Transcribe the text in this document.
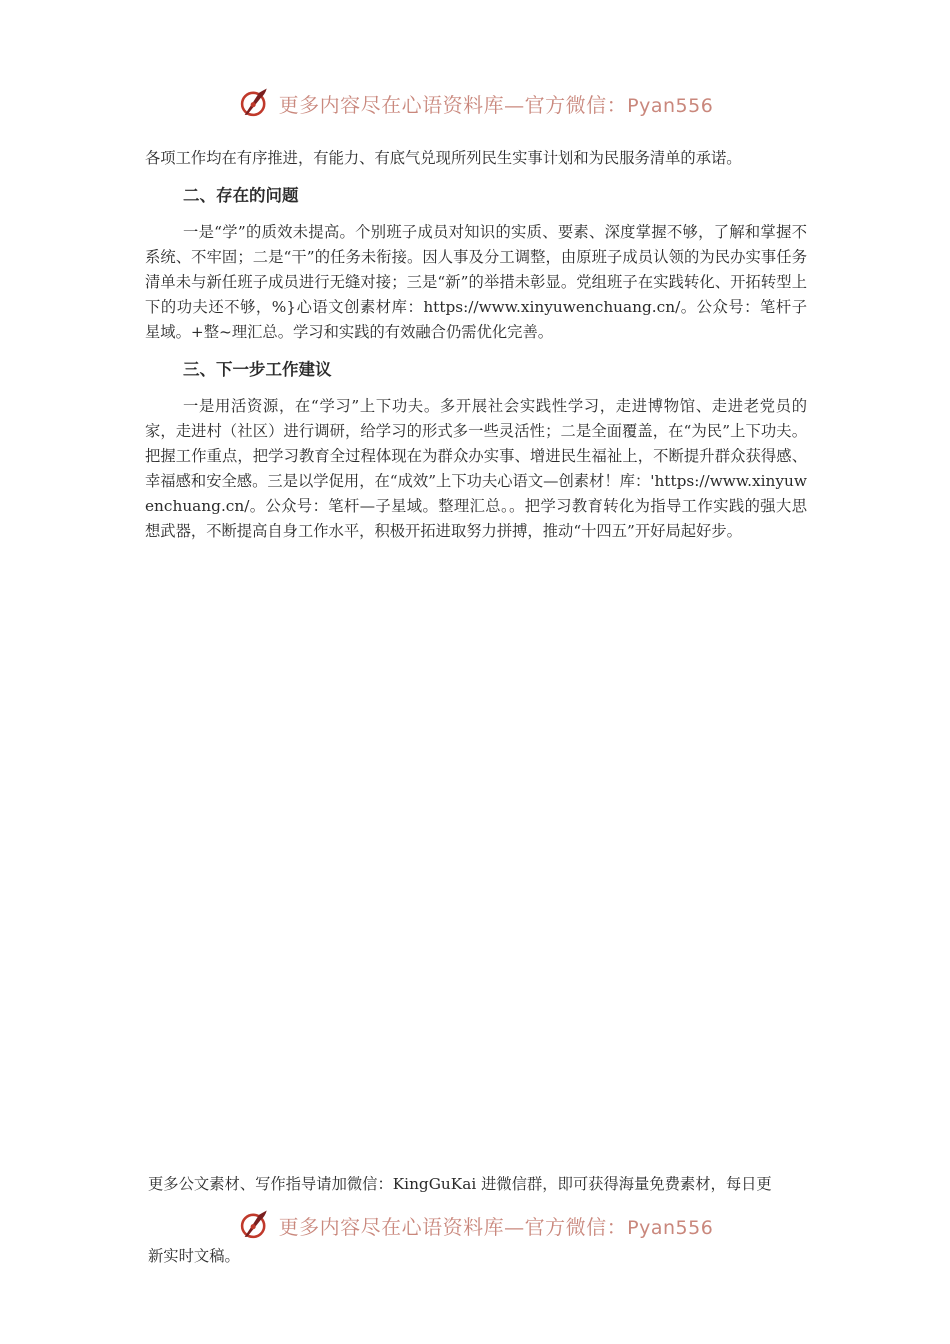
更多内容尽在心语资料库—官方微信：Pyan556

各项工作均在有序推进，有能力、有底气兑现所列民生实事计划和为民服务清单的承诺。

二、存在的问题

一是“学”的质效未提高。个别班子成员对知识的实质、要素、深度掌握不够，了解和掌握不系统、不牢固；二是“干”的任务未衔接。因人事及分工调整，由原班子成员认领的为民办实事任务清单未与新任班子成员进行无缝对接；三是“新”的举措未彰显。党组班子在实践转化、开拓转型上下的功夫还不够，%}心语文创素材库：https://www.xinyuwenchuang.cn/。公众号：笔杆子星域。+整~理汇总。学习和实践的有效融合仍需优化完善。

三、下一步工作建议

一是用活资源，在“学习”上下功夫。多开展社会实践性学习，走进博物馆、走进老党员的家，走进村（社区）进行调研，给学习的形式多一些灵活性；二是全面覆盖，在“为民”上下功夫。把握工作重点，把学习教育全过程体现在为群众办实事、增进民生福祉上，不断提升群众获得感、幸福感和安全感。三是以学促用，在“成效”上下功夫心语文—创素材！库：'https://www.xinyuwenchuang.cn/。公众号：笔杆—子星域。整理汇总。。把学习教育转化为指导工作实践的强大思想武器，不断提高自身工作水平，积极开拓进取努力拼搏，推动“十四五”开好局起好步。

更多公文素材、写作指导请加微信：KingGuKai 进微信群，即可获得海量免费素材，每日更

更多内容尽在心语资料库—官方微信：Pyan556

新实时文稿。
